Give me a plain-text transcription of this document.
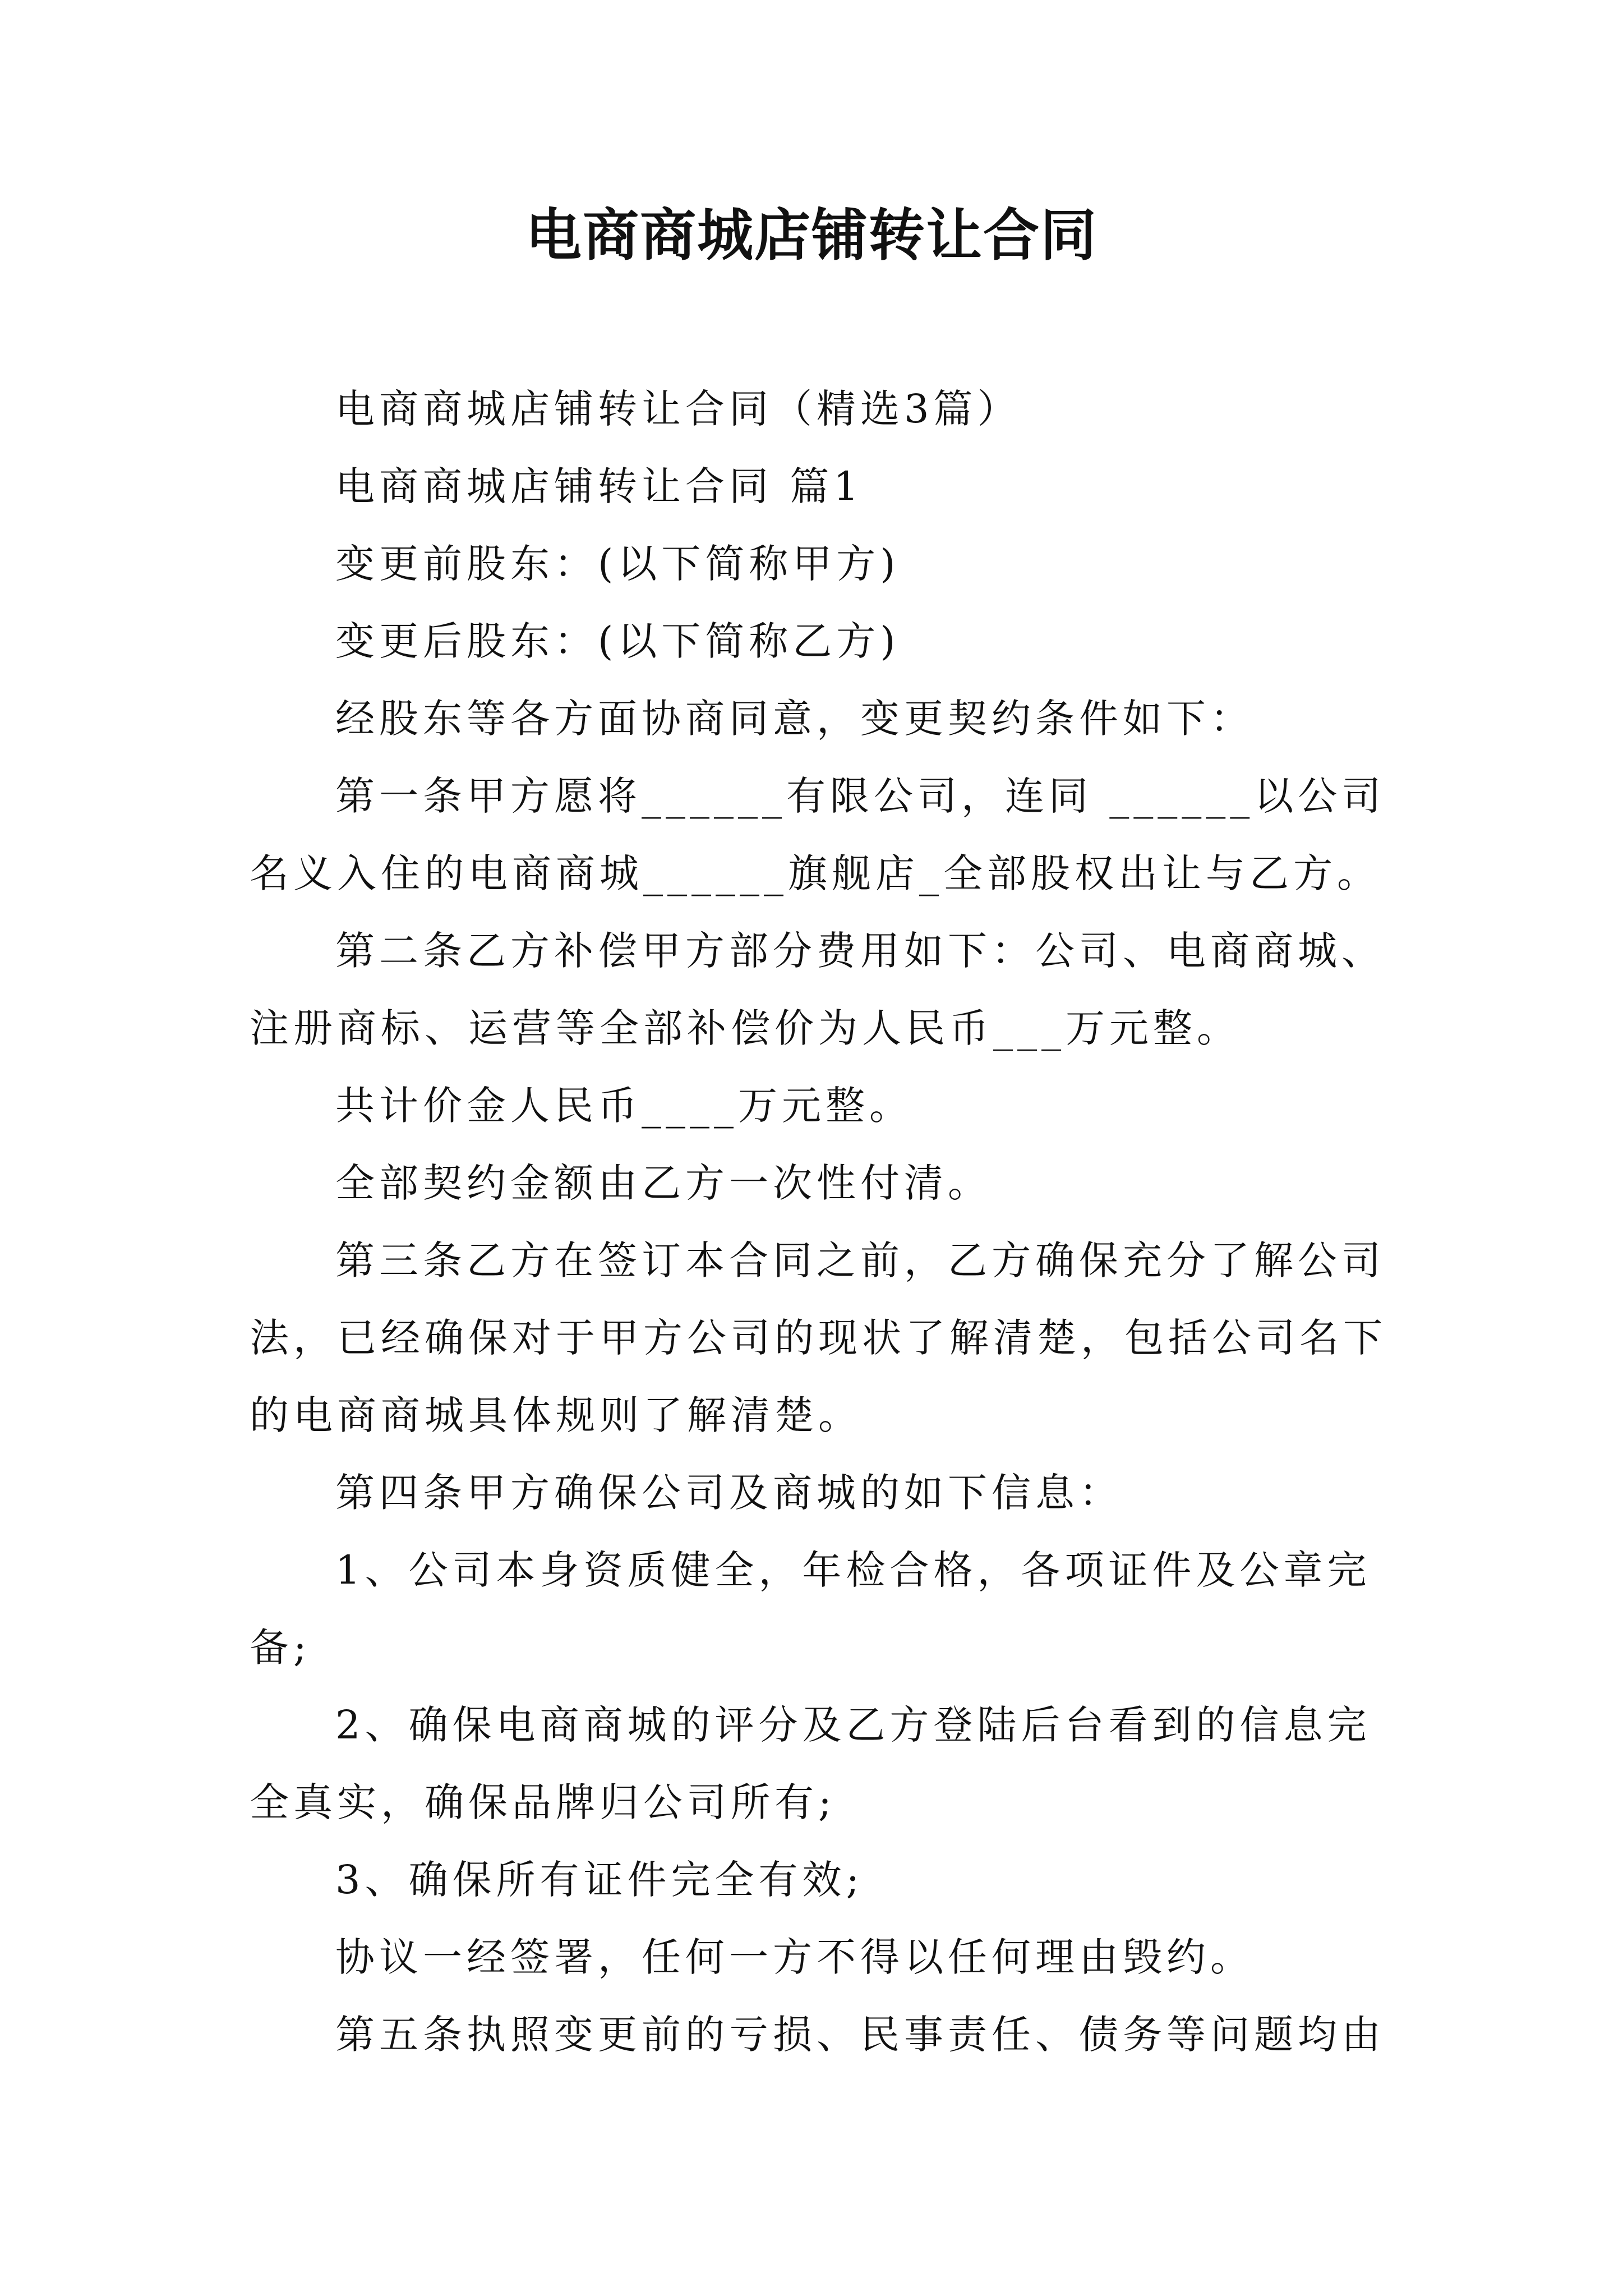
电商商城店铺转让合同

电商商城店铺转让合同（精选3篇）

电商商城店铺转让合同 篇1

变更前股东：(以下简称甲方)

变更后股东：(以下简称乙方)

经股东等各方面协商同意，变更契约条件如下：

第一条甲方愿将______有限公司，连同 ______以公司名义入住的电商商城______旗舰店_全部股权出让与乙方。

第二条乙方补偿甲方部分费用如下：公司、电商商城、注册商标、运营等全部补偿价为人民币___万元整。

共计价金人民币____万元整。

全部契约金额由乙方一次性付清。

第三条乙方在签订本合同之前，乙方确保充分了解公司法，已经确保对于甲方公司的现状了解清楚，包括公司名下的电商商城具体规则了解清楚。

第四条甲方确保公司及商城的如下信息：

1、公司本身资质健全，年检合格，各项证件及公章完备;

2、确保电商商城的评分及乙方登陆后台看到的信息完全真实，确保品牌归公司所有;

3、确保所有证件完全有效;

协议一经签署，任何一方不得以任何理由毁约。

第五条执照变更前的亏损、民事责任、债务等问题均由
